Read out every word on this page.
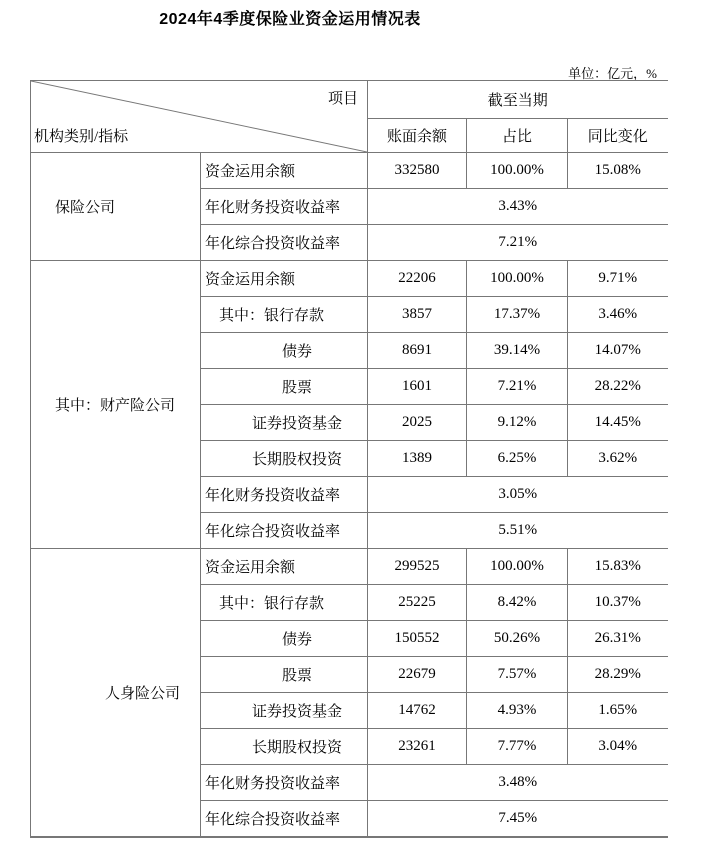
2024年4季度保险业资金运用情况表
单位：亿元，%
项目
机构类别/指标		截至当期		
		账面余额	占比	同比变化
保险公司	资金运用余额	332580	100.00%	15.08%
	年化财务投资收益率	3.43%		
	年化综合投资收益率	7.21%		
其中：财产险公司	资金运用余额	22206	100.00%	9.71%
	其中：银行存款	3857	17.37%	3.46%
	债券	8691	39.14%	14.07%
	股票	1601	7.21%	28.22%
	证券投资基金	2025	9.12%	14.45%
	长期股权投资	1389	6.25%	3.62%
	年化财务投资收益率	3.05%		
	年化综合投资收益率	5.51%		
人身险公司	资金运用余额	299525	100.00%	15.83%
	其中：银行存款	25225	8.42%	10.37%
	债券	150552	50.26%	26.31%
	股票	22679	7.57%	28.29%
	证券投资基金	14762	4.93%	1.65%
	长期股权投资	23261	7.77%	3.04%
	年化财务投资收益率	3.48%		
	年化综合投资收益率	7.45%		
